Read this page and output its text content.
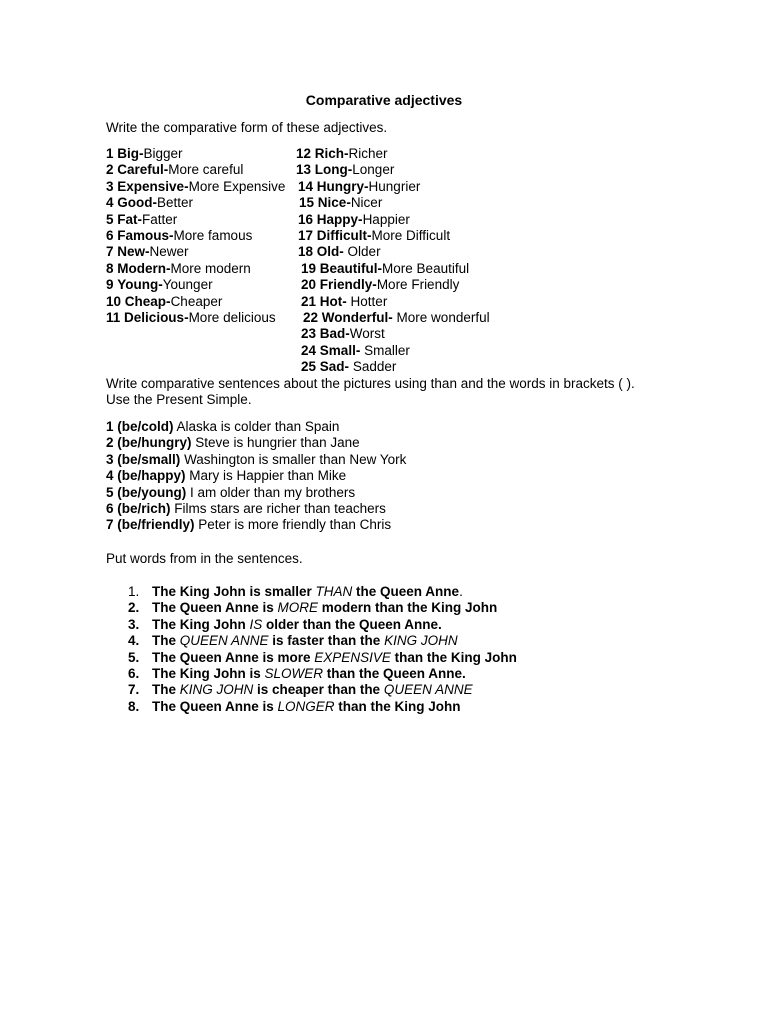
Comparative adjectives
Write the comparative form of these adjectives.
1 Big-Bigger
2 Careful-More careful
3 Expensive-More Expensive
4 Good-Better
5 Fat-Fatter
6 Famous-More famous
7 New-Newer
8 Modern-More modern
9 Young-Younger
10 Cheap-Cheaper
11 Delicious-More delicious
12 Rich-Richer
13 Long-Longer
14 Hungry-Hungrier
15 Nice-Nicer
16 Happy-Happier
17 Difficult-More Difficult
18 Old- Older
19 Beautiful-More Beautiful
20 Friendly-More Friendly
21 Hot- Hotter
22 Wonderful- More wonderful
23 Bad-Worst
24 Small- Smaller
25 Sad- Sadder
Write comparative sentences about the pictures using than and the words in brackets ( ).
Use the Present Simple.
1 (be/cold) Alaska is colder than Spain
2 (be/hungry) Steve is hungrier than Jane
3 (be/small) Washington is smaller than New York
4 (be/happy) Mary is Happier than Mike
5 (be/young) I am older than my brothers
6 (be/rich) Films stars are richer than teachers
7 (be/friendly) Peter is more friendly than Chris
Put words from in the sentences.
1. The King John is smaller THAN the Queen Anne.
2. The Queen Anne is MORE modern than the King John
3. The King John IS older than the Queen Anne.
4. The QUEEN ANNE is faster than the KING JOHN
5. The Queen Anne is more EXPENSIVE than the King John
6. The King John is SLOWER than the Queen Anne.
7. The KING JOHN is cheaper than the QUEEN ANNE
8. The Queen Anne is LONGER than the King John
